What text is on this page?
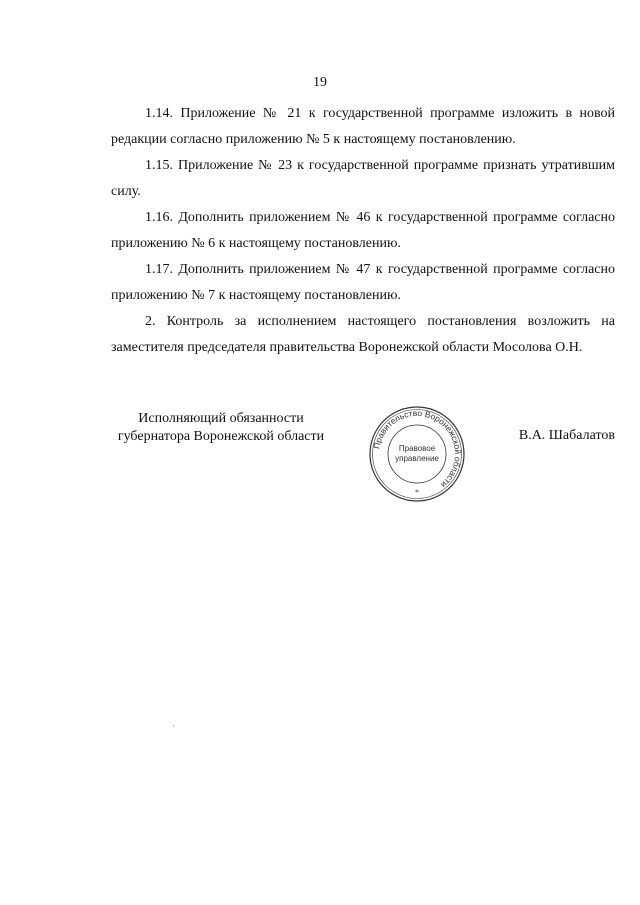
19

1.14. Приложение № 21 к государственной программе изложить в новой редакции согласно приложению № 5 к настоящему постановлению.

1.15. Приложение № 23 к государственной программе признать утратившим силу.

1.16. Дополнить приложением № 46 к государственной программе согласно приложению № 6 к настоящему постановлению.

1.17. Дополнить приложением № 47 к государственной программе согласно приложению № 7 к настоящему постановлению.

2. Контроль за исполнением настоящего постановления возложить на заместителя председателя правительства Воронежской области Мосолова О.Н.

Исполняющий обязанности
губернатора Воронежской области
Правительство Воронежской области
Правовое
управление
*
В.А. Шабалатов
